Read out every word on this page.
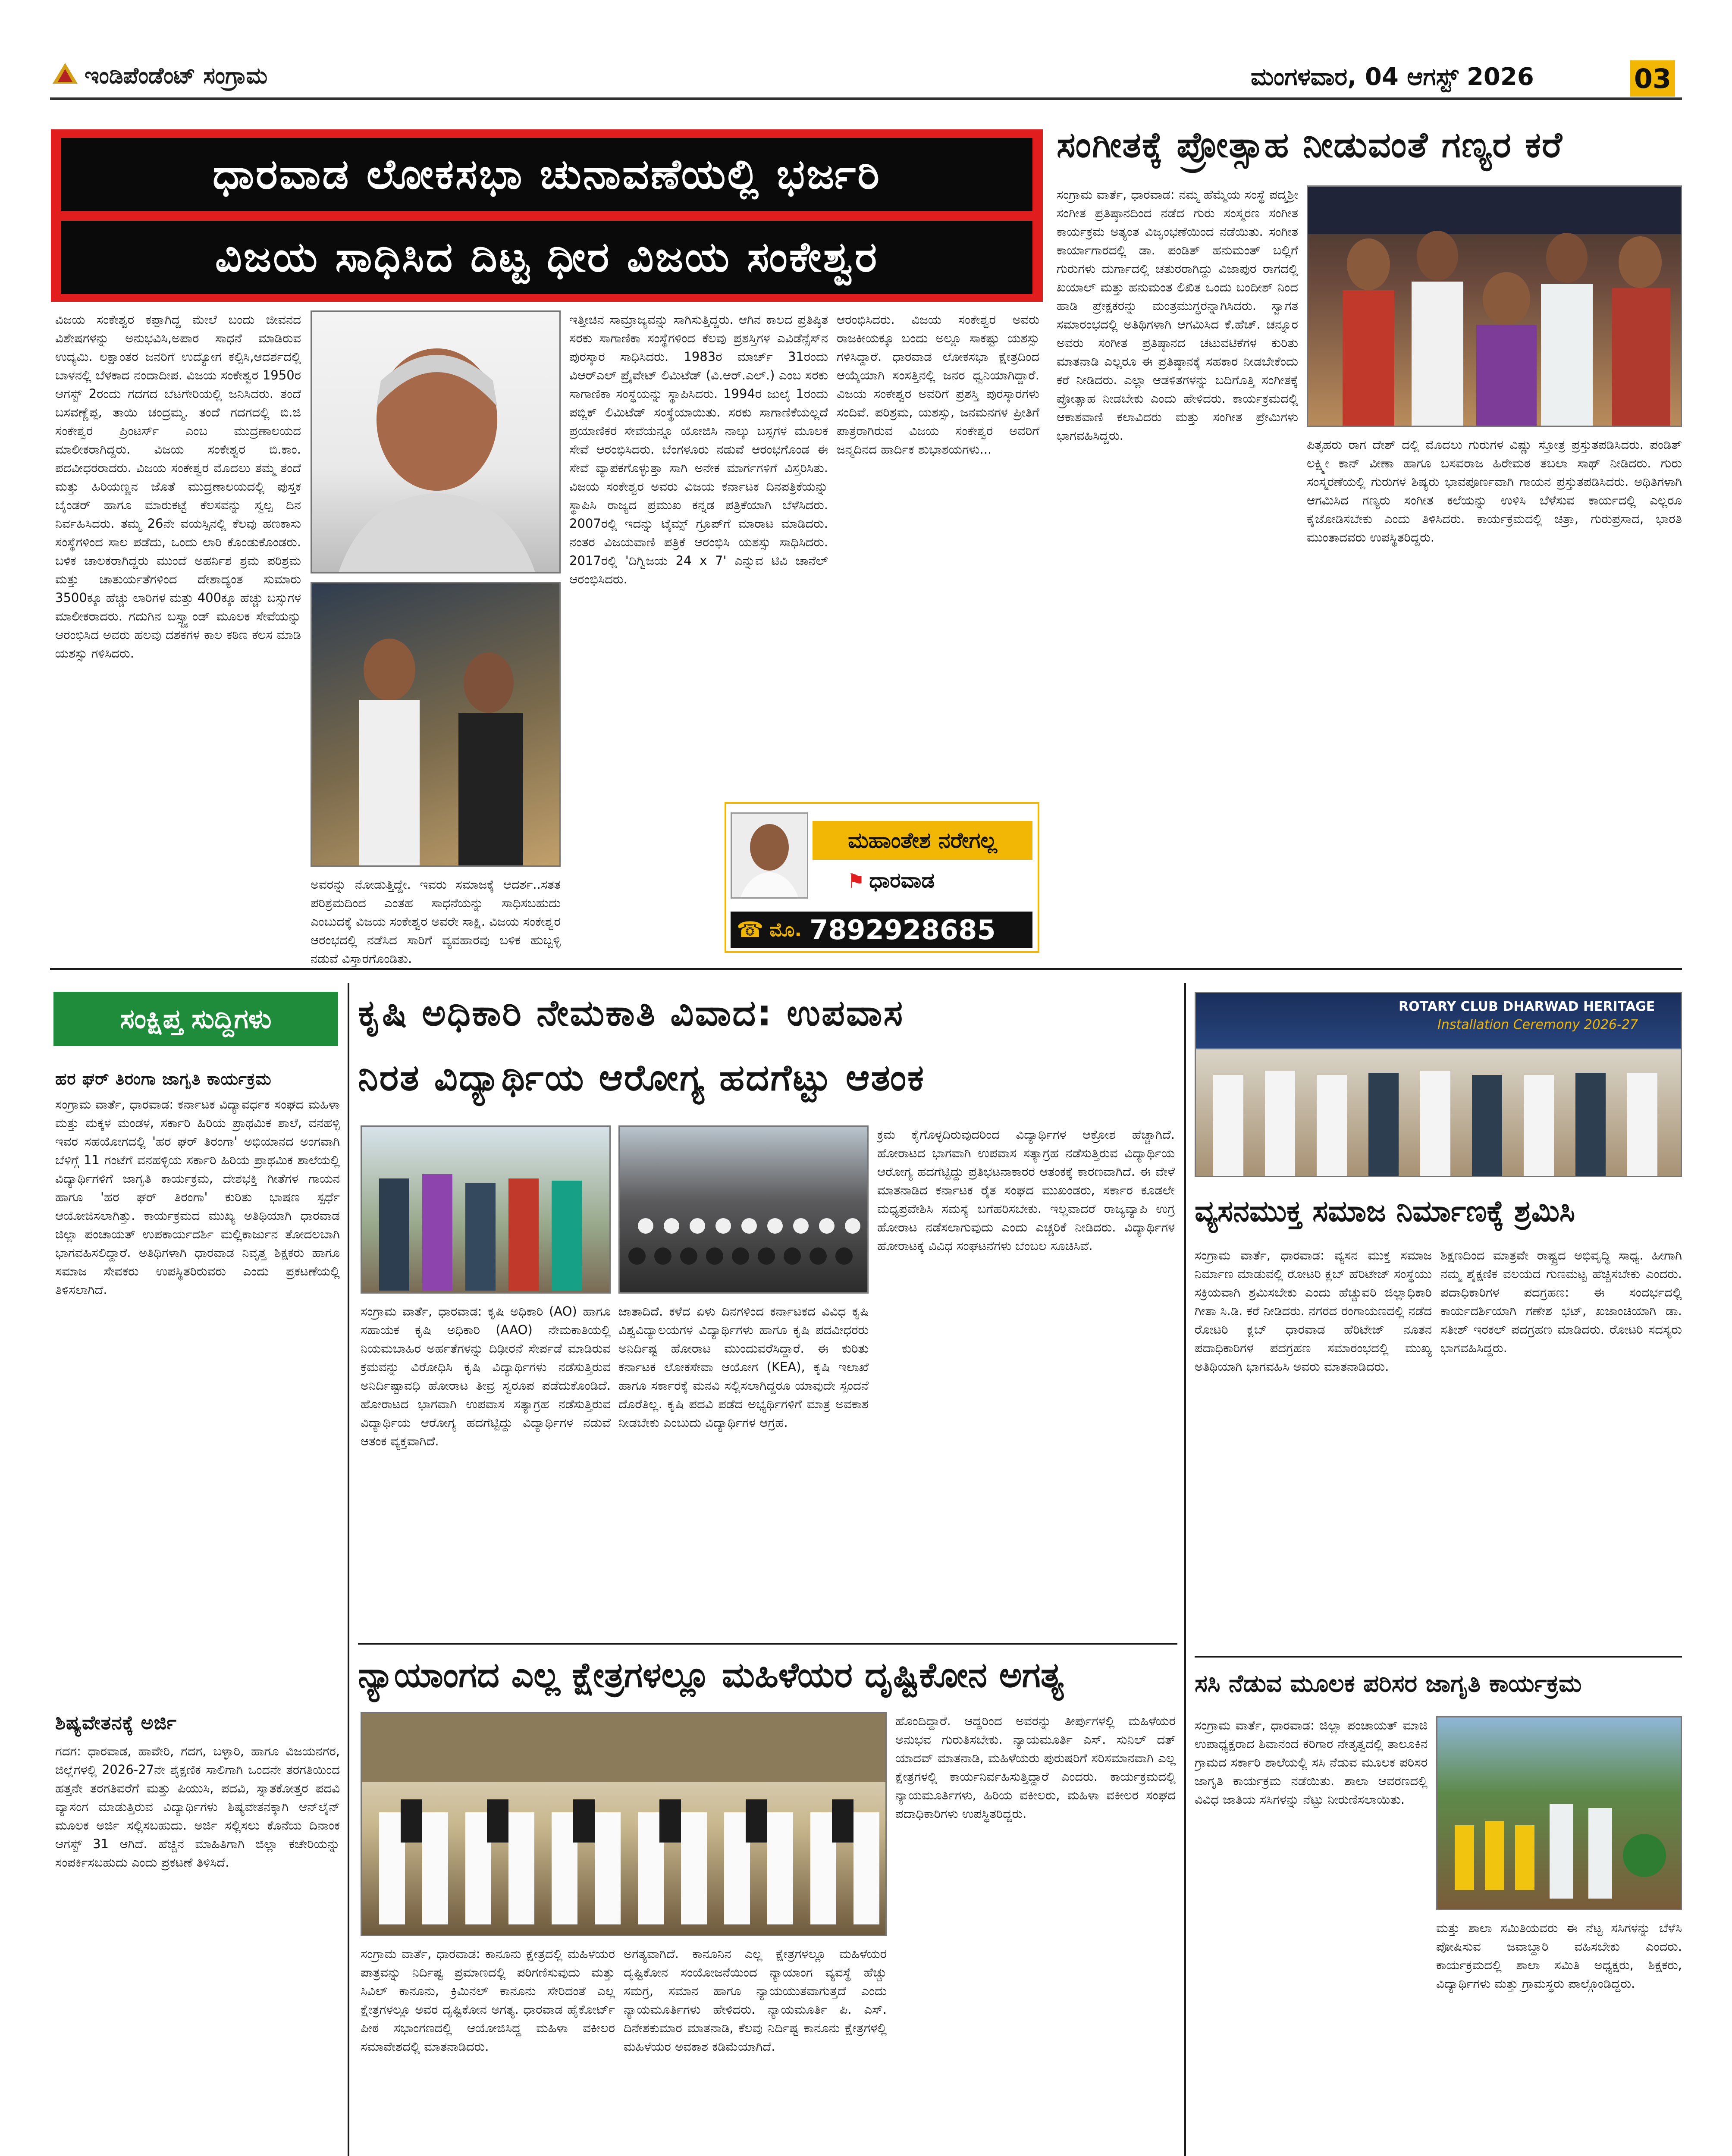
ಇಂಡಿಪೆಂಡೆಂಟ್ ಸಂಗ್ರಾಮ	ಮಂಗಳವಾರ, 04 ಆಗಸ್ಟ್ 2026	03
ಧಾರವಾಡ ಲೋಕಸಭಾ ಚುನಾವಣೆಯಲ್ಲಿ ಭರ್ಜರಿ
ವಿಜಯ ಸಾಧಿಸಿದ ದಿಟ್ಟ ಧೀರ ವಿಜಯ ಸಂಕೇಶ್ವರ
ವಿಜಯ ಸಂಕೇಶ್ವರ ಕಪ್ಪಾಗಿದ್ದ ಮೇಲೆ ಬಂದು ಜೀವನದ ವಿಶೇಷಗಳನ್ನು ಅನುಭವಿಸಿ,ಅಪಾರ ಸಾಧನೆ ಮಾಡಿರುವ ಉದ್ಯಮಿ. ಲಕ್ಷಾಂತರ ಜನರಿಗೆ ಉದ್ಯೋಗ ಕಲ್ಪಿಸಿ,ಆದರ್ಶದಲ್ಲಿ ಬಾಳನಲ್ಲಿ ಬೆಳಕಾದ ನಂದಾದೀಪ. ವಿಜಯ ಸಂಕೇಶ್ವರ 1950ರ ಆಗಸ್ಟ್ 2ರಂದು ಗದಗದ ಬೆಟಗೇರಿಯಲ್ಲಿ ಜನಿಸಿದರು. ತಂದೆ ಬಸವಣ್ಣೆಪ್ಪ, ತಾಯಿ ಚಂದ್ರಮ್ಮ. ತಂದೆ ಗದಗದಲ್ಲಿ ಬಿ.ಜಿ ಸಂಕೇಶ್ವರ ಪ್ರಿಂಟರ್ಸ್ ಎಂಬ ಮುದ್ರಣಾಲಯದ ಮಾಲೀಕರಾಗಿದ್ದರು. ವಿಜಯ ಸಂಕೇಶ್ವರ ಬಿ.ಕಾಂ. ಪದವೀಧರರಾದರು. ವಿಜಯ ಸಂಕೇಶ್ವರ ಮೊದಲು ತಮ್ಮ ತಂದೆ ಮತ್ತು ಹಿರಿಯಣ್ಣನ ಜೊತೆ ಮುದ್ರಣಾಲಯದಲ್ಲಿ ಪುಸ್ತಕ ಬೈಂಡರ್ ಹಾಗೂ ಮಾರುಕಟ್ಟೆ ಕೆಲಸವನ್ನು ಸ್ವಲ್ಪ ದಿನ ನಿರ್ವಹಿಸಿದರು. ತಮ್ಮ 26ನೇ ವಯಸ್ಸಿನಲ್ಲಿ ಕೆಲವು ಹಣಕಾಸು ಸಂಸ್ಥೆಗಳಿಂದ ಸಾಲ ಪಡೆದು, ಒಂದು ಲಾರಿ ಕೊಂಡುಕೊಂಡರು. ಬಳಿಕ ಚಾಲಕರಾಗಿದ್ದರು ಮುಂದೆ ಅಹರ್ನಿಶ ಶ್ರಮ ಪರಿಶ್ರಮ ಮತ್ತು ಚಾತುರ್ಯತೆಗಳಿಂದ ದೇಶಾದ್ಯಂತ ಸುಮಾರು 3500ಕ್ಕೂ ಹೆಚ್ಚು ಲಾರಿಗಳ ಮತ್ತು 400ಕ್ಕೂ ಹೆಚ್ಚು ಬಸ್ಸುಗಳ ಮಾಲೀಕರಾದರು. ಗದುಗಿನ ಬಸ್ಸ್ಟ್ಯಾಂಡ್ ಮೂಲಕ ಸೇವೆಯನ್ನು ಆರಂಭಿಸಿದ ಅವರು ಹಲವು ದಶಕಗಳ ಕಾಲ ಕಠಿಣ ಕೆಲಸ ಮಾಡಿ ಯಶಸ್ಸು ಗಳಿಸಿದರು.
ಅವರನ್ನು ನೋಡುತ್ತಿದ್ದೇ. ಇವರು ಸಮಾಜಕ್ಕೆ ಆದರ್ಶ..ಸತತ ಪರಿಶ್ರಮದಿಂದ ಎಂತಹ ಸಾಧನೆಯನ್ನು ಸಾಧಿಸಬಹುದು ಎಂಬುದಕ್ಕೆ ವಿಜಯ ಸಂಕೇಶ್ವರ ಅವರೇ ಸಾಕ್ಷಿ. ವಿಜಯ ಸಂಕೇಶ್ವರ ಆರಂಭದಲ್ಲಿ ನಡೆಸಿದ ಸಾರಿಗೆ ವ್ಯವಹಾರವು ಬಳಿಕ ಹುಬ್ಬಳ್ಳಿ ನಡುವೆ ವಿಸ್ತಾರಗೊಂಡಿತು.
ಇತ್ತೀಚಿನ ಸಾಮ್ರಾಜ್ಯವನ್ನು ಸಾಗಿಸುತ್ತಿದ್ದರು. ಆಗಿನ ಕಾಲದ ಪ್ರತಿಷ್ಠಿತ ಸರಕು ಸಾಗಾಣಿಕಾ ಸಂಸ್ಥೆಗಳಿಂದ ಕೆಲವು ಪ್ರಶಸ್ತಿಗಳ ಎವಿಡೆನ್ಸೆಸ್‌ನ ಪುರಸ್ಕಾರ ಸಾಧಿಸಿದರು. 1983ರ ಮಾರ್ಚ್ 31ರಂದು ವಿಆರ್‌ಎಲ್ ಪ್ರೈವೇಟ್ ಲಿಮಿಟೆಡ್ (ವಿ.ಆರ್.ಎಲ್.) ಎಂಬ ಸರಕು ಸಾಗಾಣಿಕಾ ಸಂಸ್ಥೆಯನ್ನು ಸ್ಥಾಪಿಸಿದರು. 1994ರ ಜುಲೈ 1ರಂದು ಪಬ್ಲಿಕ್ ಲಿಮಿಟೆಡ್ ಸಂಸ್ಥೆಯಾಯಿತು. ಸರಕು ಸಾಗಾಣಿಕೆಯಲ್ಲದೆ ಪ್ರಯಾಣಿಕರ ಸೇವೆಯನ್ನೂ ಯೋಜಿಸಿ ನಾಲ್ಕು ಬಸ್ಸಗಳ ಮೂಲಕ ಸೇವೆ ಆರಂಭಿಸಿದರು. ಬೆಂಗಳೂರು ನಡುವೆ ಆರಂಭಗೊಂಡ ಈ ಸೇವೆ ವ್ಯಾಪಕಗೊಳ್ಳುತ್ತಾ ಸಾಗಿ ಅನೇಕ ಮಾರ್ಗಗಳಿಗೆ ವಿಸ್ತರಿಸಿತು. ವಿಜಯ ಸಂಕೇಶ್ವರ ಅವರು ವಿಜಯ ಕರ್ನಾಟಕ ದಿನಪತ್ರಿಕೆಯನ್ನು ಸ್ಥಾಪಿಸಿ ರಾಜ್ಯದ ಪ್ರಮುಖ ಕನ್ನಡ ಪತ್ರಿಕೆಯಾಗಿ ಬೆಳೆಸಿದರು. 2007ರಲ್ಲಿ ಇದನ್ನು ಟೈಮ್ಸ್ ಗ್ರೂಪ್‌ಗೆ ಮಾರಾಟ ಮಾಡಿದರು. ನಂತರ ವಿಜಯವಾಣಿ ಪತ್ರಿಕೆ ಆರಂಭಿಸಿ ಯಶಸ್ಸು ಸಾಧಿಸಿದರು. 2017ರಲ್ಲಿ 'ದಿಗ್ವಿಜಯ 24 x 7' ಎನ್ನುವ ಟಿವಿ ಚಾನೆಲ್ ಆರಂಭಿಸಿದರು.
ಆರಂಭಿಸಿದರು. ವಿಜಯ ಸಂಕೇಶ್ವರ ಅವರು ರಾಜಕೀಯಕ್ಕೂ ಬಂದು ಅಲ್ಲೂ ಸಾಕಷ್ಟು ಯಶಸ್ಸು ಗಳಿಸಿದ್ದಾರೆ. ಧಾರವಾಡ ಲೋಕಸಭಾ ಕ್ಷೇತ್ರದಿಂದ ಆಯ್ಕೆಯಾಗಿ ಸಂಸತ್ತಿನಲ್ಲಿ ಜನರ ಧ್ವನಿಯಾಗಿದ್ದಾರೆ. ವಿಜಯ ಸಂಕೇಶ್ವರ ಅವರಿಗೆ ಪ್ರಶಸ್ತಿ ಪುರಸ್ಕಾರಗಳು ಸಂದಿವೆ. ಪರಿಶ್ರಮ, ಯಶಸ್ಸು, ಜನಮನಗಳ ಪ್ರೀತಿಗೆ ಪಾತ್ರರಾಗಿರುವ ವಿಜಯ ಸಂಕೇಶ್ವರ ಅವರಿಗೆ ಜನ್ಮದಿನದ ಹಾರ್ದಿಕ ಶುಭಾಶಯಗಳು...
ಮಹಾಂತೇಶ ನರೇಗಲ್ಲ
⚑ ಧಾರವಾಡ
☎ ಮೊ. 7892928685
ಸಂಗೀತಕ್ಕೆ ಪ್ರೋತ್ಸಾಹ ನೀಡುವಂತೆ ಗಣ್ಯರ ಕರೆ
ಸಂಗ್ರಾಮ ವಾರ್ತೆ, ಧಾರವಾಡ: ನಮ್ಮ ಹೆಮ್ಮೆಯ ಸಂಸ್ಥೆ ಪದ್ಮಶ್ರೀ ಸಂಗೀತ ಪ್ರತಿಷ್ಠಾನದಿಂದ ನಡೆದ ಗುರು ಸಂಸ್ಮರಣ ಸಂಗೀತ ಕಾರ್ಯಕ್ರಮ ಅತ್ಯಂತ ವಿಜೃಂಭಣೆಯಿಂದ ನಡೆಯಿತು. ಸಂಗೀತ ಕಾರ್ಯಾಗಾರದಲ್ಲಿ ಡಾ. ಪಂಡಿತ್ ಹನುಮಂತ್ ಬಲ್ಲಿಗೆ ಗುರುಗಳು ದುರ್ಗಾದಲ್ಲಿ ಚತುರರಾಗಿದ್ದು ವಿಜಾಪುರ ರಾಗದಲ್ಲಿ ಖಯಾಲ್ ಮತ್ತು ಹನುಮಂತ ಲಿಖಿತ ಒಂದು ಬಂದೀಶ್ ನಿಂದ ಹಾಡಿ ಪ್ರೇಕ್ಷಕರನ್ನು ಮಂತ್ರಮುಗ್ಧರನ್ನಾಗಿಸಿದರು. ಸ್ವಾಗತ ಸಮಾರಂಭದಲ್ಲಿ ಅತಿಥಿಗಳಾಗಿ ಆಗಮಿಸಿದ ಕೆ.ಹೆಚ್. ಚನ್ನೂರ ಅವರು ಸಂಗೀತ ಪ್ರತಿಷ್ಠಾನದ ಚಟುವಟಿಕೆಗಳ ಕುರಿತು ಮಾತನಾಡಿ ಎಲ್ಲರೂ ಈ ಪ್ರತಿಷ್ಠಾನಕ್ಕೆ ಸಹಕಾರ ನೀಡಬೇಕೆಂದು ಕರೆ ನೀಡಿದರು. ಎಲ್ಲಾ ಆಡಳಿತಗಳನ್ನು ಬದಿಗೊತ್ತಿ ಸಂಗೀತಕ್ಕೆ ಪ್ರೋತ್ಸಾಹ ನೀಡಬೇಕು ಎಂದು ಹೇಳಿದರು. ಕಾರ್ಯಕ್ರಮದಲ್ಲಿ ಆಕಾಶವಾಣಿ ಕಲಾವಿದರು ಮತ್ತು ಸಂಗೀತ ಪ್ರೇಮಿಗಳು ಭಾಗವಹಿಸಿದ್ದರು.
ಪಿತೃಹರು ರಾಗ ದೇಶ್ ದಲ್ಲಿ ಮೊದಲು ಗುರುಗಳ ವಿಷ್ಣು ಸ್ತೋತ್ರ ಪ್ರಸ್ತುತಪಡಿಸಿದರು. ಪಂಡಿತ್ ಲಕ್ಷ್ಮೀ ಕಾನ್ ವೀಣಾ ಹಾಗೂ ಬಸವರಾಜ ಹಿರೇಮಠ ತಬಲಾ ಸಾಥ್ ನೀಡಿದರು. ಗುರು ಸಂಸ್ಮರಣೆಯಲ್ಲಿ ಗುರುಗಳ ಶಿಷ್ಯರು ಭಾವಪೂರ್ಣವಾಗಿ ಗಾಯನ ಪ್ರಸ್ತುತಪಡಿಸಿದರು. ಅಥಿತಿಗಳಾಗಿ ಆಗಮಿಸಿದ ಗಣ್ಯರು ಸಂಗೀತ ಕಲೆಯನ್ನು ಉಳಿಸಿ ಬೆಳೆಸುವ ಕಾರ್ಯದಲ್ಲಿ ಎಲ್ಲರೂ ಕೈಜೋಡಿಸಬೇಕು ಎಂದು ತಿಳಿಸಿದರು. ಕಾರ್ಯಕ್ರಮದಲ್ಲಿ ಚಿತ್ರಾ, ಗುರುಪ್ರಸಾದ, ಭಾರತಿ ಮುಂತಾದವರು ಉಪಸ್ಥಿತರಿದ್ದರು.
ಸಂಕ್ಷಿಪ್ತ ಸುದ್ದಿಗಳು
ಹರ ಘರ್ ತಿರಂಗಾ ಜಾಗೃತಿ ಕಾರ್ಯಕ್ರಮ
ಸಂಗ್ರಾಮ ವಾರ್ತೆ, ಧಾರವಾಡ: ಕರ್ನಾಟಕ ವಿದ್ಯಾವರ್ಧಕ ಸಂಘದ ಮಹಿಳಾ ಮತ್ತು ಮಕ್ಕಳ ಮಂಡಳ, ಸರ್ಕಾರಿ ಹಿರಿಯ ಪ್ರಾಥಮಿಕ ಶಾಲೆ, ವನಹಳ್ಳಿ ಇವರ ಸಹಯೋಗದಲ್ಲಿ 'ಹರ ಘರ್ ತಿರಂಗಾ' ಅಭಿಯಾನದ ಅಂಗವಾಗಿ ಬೆಳಿಗ್ಗೆ 11 ಗಂಟೆಗೆ ವನಹಳ್ಳಿಯ ಸರ್ಕಾರಿ ಹಿರಿಯ ಪ್ರಾಥಮಿಕ ಶಾಲೆಯಲ್ಲಿ ವಿದ್ಯಾರ್ಥಿಗಳಿಗೆ ಜಾಗೃತಿ ಕಾರ್ಯಕ್ರಮ, ದೇಶಭಕ್ತಿ ಗೀತೆಗಳ ಗಾಯನ ಹಾಗೂ 'ಹರ ಘರ್ ತಿರಂಗಾ' ಕುರಿತು ಭಾಷಣ ಸ್ಪರ್ಧೆ ಆಯೋಜಿಸಲಾಗಿತ್ತು. ಕಾರ್ಯಕ್ರಮದ ಮುಖ್ಯ ಅತಿಥಿಯಾಗಿ ಧಾರವಾಡ ಜಿಲ್ಲಾ ಪಂಚಾಯತ್ ಉಪಕಾರ್ಯದರ್ಶಿ ಮಲ್ಲಿಕಾರ್ಜುನ ತೋದಲಬಾಗಿ ಭಾಗವಹಿಸಲಿದ್ದಾರೆ. ಅತಿಥಿಗಳಾಗಿ ಧಾರವಾಡ ನಿವೃತ್ತ ಶಿಕ್ಷಕರು ಹಾಗೂ ಸಮಾಜ ಸೇವಕರು ಉಪಸ್ಥಿತರಿರುವರು ಎಂದು ಪ್ರಕಟಣೆಯಲ್ಲಿ ತಿಳಿಸಲಾಗಿದೆ.
ಶಿಷ್ಯವೇತನಕ್ಕೆ ಅರ್ಜಿ
ಗದಗ: ಧಾರವಾಡ, ಹಾವೇರಿ, ಗದಗ, ಬಳ್ಳಾರಿ, ಹಾಗೂ ವಿಜಯನಗರ, ಜಿಲ್ಲೆಗಳಲ್ಲಿ 2026-27ನೇ ಶೈಕ್ಷಣಿಕ ಸಾಲಿಗಾಗಿ ಒಂದನೇ ತರಗತಿಯಿಂದ ಹತ್ತನೇ ತರಗತಿವರೆಗೆ ಮತ್ತು ಪಿಯುಸಿ, ಪದವಿ, ಸ್ನಾತಕೋತ್ತರ ಪದವಿ ವ್ಯಾಸಂಗ ಮಾಡುತ್ತಿರುವ ವಿದ್ಯಾರ್ಥಿಗಳು ಶಿಷ್ಯವೇತನಕ್ಕಾಗಿ ಆನ್‌ಲೈನ್ ಮೂಲಕ ಅರ್ಜಿ ಸಲ್ಲಿಸಬಹುದು. ಅರ್ಜಿ ಸಲ್ಲಿಸಲು ಕೊನೆಯ ದಿನಾಂಕ ಆಗಸ್ಟ್ 31 ಆಗಿದೆ. ಹೆಚ್ಚಿನ ಮಾಹಿತಿಗಾಗಿ ಜಿಲ್ಲಾ ಕಚೇರಿಯನ್ನು ಸಂಪರ್ಕಿಸಬಹುದು ಎಂದು ಪ್ರಕಟಣೆ ತಿಳಿಸಿದೆ.
ಕೃಷಿ ಅಧಿಕಾರಿ ನೇಮಕಾತಿ ವಿವಾದ: ಉಪವಾಸ
ನಿರತ ವಿದ್ಯಾರ್ಥಿಯ ಆರೋಗ್ಯ ಹದಗೆಟ್ಟು ಆತಂಕ
ಸಂಗ್ರಾಮ ವಾರ್ತೆ, ಧಾರವಾಡ: ಕೃಷಿ ಅಧಿಕಾರಿ (AO) ಹಾಗೂ ಸಹಾಯಕ ಕೃಷಿ ಅಧಿಕಾರಿ (AAO) ನೇಮಕಾತಿಯಲ್ಲಿ ನಿಯಮಬಾಹಿರ ಅರ್ಹತೆಗಳನ್ನು ದಿಢೀರನೆ ಸೇರ್ಪಡೆ ಮಾಡಿರುವ ಕ್ರಮವನ್ನು ವಿರೋಧಿಸಿ ಕೃಷಿ ವಿದ್ಯಾರ್ಥಿಗಳು ನಡೆಸುತ್ತಿರುವ ಅನಿರ್ದಿಷ್ಟಾವಧಿ ಹೋರಾಟ ತೀವ್ರ ಸ್ವರೂಪ ಪಡೆದುಕೊಂಡಿದೆ. ಹೋರಾಟದ ಭಾಗವಾಗಿ ಉಪವಾಸ ಸತ್ಯಾಗ್ರಹ ನಡೆಸುತ್ತಿರುವ ವಿದ್ಯಾರ್ಥಿಯ ಆರೋಗ್ಯ ಹದಗೆಟ್ಟಿದ್ದು ವಿದ್ಯಾರ್ಥಿಗಳ ನಡುವೆ ಆತಂಕ ವ್ಯಕ್ತವಾಗಿದೆ.
ಜಾತಾದಿದೆ. ಕಳೆದ ಏಳು ದಿನಗಳಿಂದ ಕರ್ನಾಟಕದ ವಿವಿಧ ಕೃಷಿ ವಿಶ್ವವಿದ್ಯಾಲಯಗಳ ವಿದ್ಯಾರ್ಥಿಗಳು ಹಾಗೂ ಕೃಷಿ ಪದವೀಧರರು ಅನಿರ್ದಿಷ್ಟ ಹೋರಾಟ ಮುಂದುವರೆಸಿದ್ದಾರೆ. ಈ ಕುರಿತು ಕರ್ನಾಟಕ ಲೋಕಸೇವಾ ಆಯೋಗ (KEA), ಕೃಷಿ ಇಲಾಖೆ ಹಾಗೂ ಸರ್ಕಾರಕ್ಕೆ ಮನವಿ ಸಲ್ಲಿಸಲಾಗಿದ್ದರೂ ಯಾವುದೇ ಸ್ಪಂದನೆ ದೊರೆತಿಲ್ಲ. ಕೃಷಿ ಪದವಿ ಪಡೆದ ಅಭ್ಯರ್ಥಿಗಳಿಗೆ ಮಾತ್ರ ಅವಕಾಶ ನೀಡಬೇಕು ಎಂಬುದು ವಿದ್ಯಾರ್ಥಿಗಳ ಆಗ್ರಹ.
ಕ್ರಮ ಕೈಗೊಳ್ಳದಿರುವುದರಿಂದ ವಿದ್ಯಾರ್ಥಿಗಳ ಆಕ್ರೋಶ ಹೆಚ್ಚಾಗಿದೆ. ಹೋರಾಟದ ಭಾಗವಾಗಿ ಉಪವಾಸ ಸತ್ಯಾಗ್ರಹ ನಡೆಸುತ್ತಿರುವ ವಿದ್ಯಾರ್ಥಿಯ ಆರೋಗ್ಯ ಹದಗೆಟ್ಟಿದ್ದು ಪ್ರತಿಭಟನಾಕಾರರ ಆತಂಕಕ್ಕೆ ಕಾರಣವಾಗಿದೆ. ಈ ವೇಳೆ ಮಾತನಾಡಿದ ಕರ್ನಾಟಕ ರೈತ ಸಂಘದ ಮುಖಂಡರು, ಸರ್ಕಾರ ಕೂಡಲೇ ಮಧ್ಯಪ್ರವೇಶಿಸಿ ಸಮಸ್ಯೆ ಬಗೆಹರಿಸಬೇಕು. ಇಲ್ಲವಾದರೆ ರಾಜ್ಯವ್ಯಾಪಿ ಉಗ್ರ ಹೋರಾಟ ನಡೆಸಲಾಗುವುದು ಎಂದು ಎಚ್ಚರಿಕೆ ನೀಡಿದರು. ವಿದ್ಯಾರ್ಥಿಗಳ ಹೋರಾಟಕ್ಕೆ ವಿವಿಧ ಸಂಘಟನೆಗಳು ಬೆಂಬಲ ಸೂಚಿಸಿವೆ.
ನ್ಯಾಯಾಂಗದ ಎಲ್ಲ ಕ್ಷೇತ್ರಗಳಲ್ಲೂ ಮಹಿಳೆಯರ ದೃಷ್ಟಿಕೋನ ಅಗತ್ಯ
ಸಂಗ್ರಾಮ ವಾರ್ತೆ, ಧಾರವಾಡ: ಕಾನೂನು ಕ್ಷೇತ್ರದಲ್ಲಿ ಮಹಿಳೆಯರ ಪಾತ್ರವನ್ನು ನಿರ್ದಿಷ್ಟ ಪ್ರಮಾಣದಲ್ಲಿ ಪರಿಗಣಿಸುವುದು ಮತ್ತು ಸಿವಿಲ್ ಕಾನೂನು, ಕ್ರಿಮಿನಲ್ ಕಾನೂನು ಸೇರಿದಂತೆ ಎಲ್ಲ ಕ್ಷೇತ್ರಗಳಲ್ಲೂ ಅವರ ದೃಷ್ಟಿಕೋನ ಅಗತ್ಯ. ಧಾರವಾಡ ಹೈಕೋರ್ಟ್ ಪೀಠ ಸಭಾಂಗಣದಲ್ಲಿ ಆಯೋಜಿಸಿದ್ದ ಮಹಿಳಾ ವಕೀಲರ ಸಮಾವೇಶದಲ್ಲಿ ಮಾತನಾಡಿದರು.
ಅಗತ್ಯವಾಗಿದೆ. ಕಾನೂನಿನ ಎಲ್ಲ ಕ್ಷೇತ್ರಗಳಲ್ಲೂ ಮಹಿಳೆಯರ ದೃಷ್ಟಿಕೋನ ಸಂಯೋಜನೆಯಿಂದ ನ್ಯಾಯಾಂಗ ವ್ಯವಸ್ಥೆ ಹೆಚ್ಚು ಸಮಗ್ರ, ಸಮಾನ ಹಾಗೂ ನ್ಯಾಯಯುತವಾಗುತ್ತದೆ ಎಂದು ನ್ಯಾಯಮೂರ್ತಿಗಳು ಹೇಳಿದರು. ನ್ಯಾಯಮೂರ್ತಿ ಪಿ. ಎಸ್. ದಿನೇಶಕುಮಾರ ಮಾತನಾಡಿ, ಕೆಲವು ನಿರ್ದಿಷ್ಟ ಕಾನೂನು ಕ್ಷೇತ್ರಗಳಲ್ಲಿ ಮಹಿಳೆಯರ ಅವಕಾಶ ಕಡಿಮೆಯಾಗಿದೆ.
ಹೊಂದಿದ್ದಾರೆ. ಆದ್ದರಿಂದ ಅವರನ್ನು ತೀರ್ಪುಗಳಲ್ಲಿ ಮಹಿಳೆಯರ ಅನುಭವ ಗುರುತಿಸಬೇಕು. ನ್ಯಾಯಮೂರ್ತಿ ಎಸ್. ಸುನಿಲ್ ದತ್ ಯಾದವ್ ಮಾತನಾಡಿ, ಮಹಿಳೆಯರು ಪುರುಷರಿಗೆ ಸರಿಸಮಾನವಾಗಿ ಎಲ್ಲ ಕ್ಷೇತ್ರಗಳಲ್ಲಿ ಕಾರ್ಯನಿರ್ವಹಿಸುತ್ತಿದ್ದಾರೆ ಎಂದರು. ಕಾರ್ಯಕ್ರಮದಲ್ಲಿ ನ್ಯಾಯಮೂರ್ತಿಗಳು, ಹಿರಿಯ ವಕೀಲರು, ಮಹಿಳಾ ವಕೀಲರ ಸಂಘದ ಪದಾಧಿಕಾರಿಗಳು ಉಪಸ್ಥಿತರಿದ್ದರು.
ROTARY CLUB DHARWAD HERITAGE
Installation Ceremony 2026-27
ವ್ಯಸನಮುಕ್ತ ಸಮಾಜ ನಿರ್ಮಾಣಕ್ಕೆ ಶ್ರಮಿಸಿ
ಸಂಗ್ರಾಮ ವಾರ್ತೆ, ಧಾರವಾಡ: ವ್ಯಸನ ಮುಕ್ತ ಸಮಾಜ ನಿರ್ಮಾಣ ಮಾಡುವಲ್ಲಿ ರೋಟರಿ ಕ್ಲಬ್ ಹೆರಿಟೇಜ್ ಸಂಸ್ಥೆಯು ಸಕ್ರಿಯವಾಗಿ ಶ್ರಮಿಸಬೇಕು ಎಂದು ಹೆಚ್ಚುವರಿ ಜಿಲ್ಲಾಧಿಕಾರಿ ಗೀತಾ ಸಿ.ಡಿ. ಕರೆ ನೀಡಿದರು. ನಗರದ ರಂಗಾಯಣದಲ್ಲಿ ನಡೆದ ರೋಟರಿ ಕ್ಲಬ್ ಧಾರವಾಡ ಹೆರಿಟೇಜ್ ನೂತನ ಪದಾಧಿಕಾರಿಗಳ ಪದಗ್ರಹಣ ಸಮಾರಂಭದಲ್ಲಿ ಮುಖ್ಯ ಅತಿಥಿಯಾಗಿ ಭಾಗವಹಿಸಿ ಅವರು ಮಾತನಾಡಿದರು.
ಶಿಕ್ಷಣದಿಂದ ಮಾತ್ರವೇ ರಾಷ್ಟ್ರದ ಅಭಿವೃದ್ಧಿ ಸಾಧ್ಯ. ಹೀಗಾಗಿ ನಮ್ಮ ಶೈಕ್ಷಣಿಕ ವಲಯದ ಗುಣಮಟ್ಟ ಹೆಚ್ಚಿಸಬೇಕು ಎಂದರು. ಪದಾಧಿಕಾರಿಗಳ ಪದಗ್ರಹಣ: ಈ ಸಂದರ್ಭದಲ್ಲಿ ಕಾರ್ಯದರ್ಶಿಯಾಗಿ ಗಣೇಶ ಭಟ್, ಖಜಾಂಚಿಯಾಗಿ ಡಾ. ಸತೀಶ್ ಇರಕಲ್ ಪದಗ್ರಹಣ ಮಾಡಿದರು. ರೋಟರಿ ಸದಸ್ಯರು ಭಾಗವಹಿಸಿದ್ದರು.
ಸಸಿ ನೆಡುವ ಮೂಲಕ ಪರಿಸರ ಜಾಗೃತಿ ಕಾರ್ಯಕ್ರಮ
ಸಂಗ್ರಾಮ ವಾರ್ತೆ, ಧಾರವಾಡ: ಜಿಲ್ಲಾ ಪಂಚಾಯತ್ ಮಾಜಿ ಉಪಾಧ್ಯಕ್ಷರಾದ ಶಿವಾನಂದ ಕರಿಗಾರ ನೇತೃತ್ವದಲ್ಲಿ ತಾಲೂಕಿನ ಗ್ರಾಮದ ಸರ್ಕಾರಿ ಶಾಲೆಯಲ್ಲಿ ಸಸಿ ನೆಡುವ ಮೂಲಕ ಪರಿಸರ ಜಾಗೃತಿ ಕಾರ್ಯಕ್ರಮ ನಡೆಯಿತು. ಶಾಲಾ ಆವರಣದಲ್ಲಿ ವಿವಿಧ ಜಾತಿಯ ಸಸಿಗಳನ್ನು ನೆಟ್ಟು ನೀರುಣಿಸಲಾಯಿತು.
ಮತ್ತು ಶಾಲಾ ಸಮಿತಿಯವರು ಈ ನೆಟ್ಟ ಸಸಿಗಳನ್ನು ಬೆಳೆಸಿ ಪೋಷಿಸುವ ಜವಾಬ್ದಾರಿ ವಹಿಸಬೇಕು ಎಂದರು. ಕಾರ್ಯಕ್ರಮದಲ್ಲಿ ಶಾಲಾ ಸಮಿತಿ ಅಧ್ಯಕ್ಷರು, ಶಿಕ್ಷಕರು, ವಿದ್ಯಾರ್ಥಿಗಳು ಮತ್ತು ಗ್ರಾಮಸ್ಥರು ಪಾಲ್ಗೊಂಡಿದ್ದರು.
